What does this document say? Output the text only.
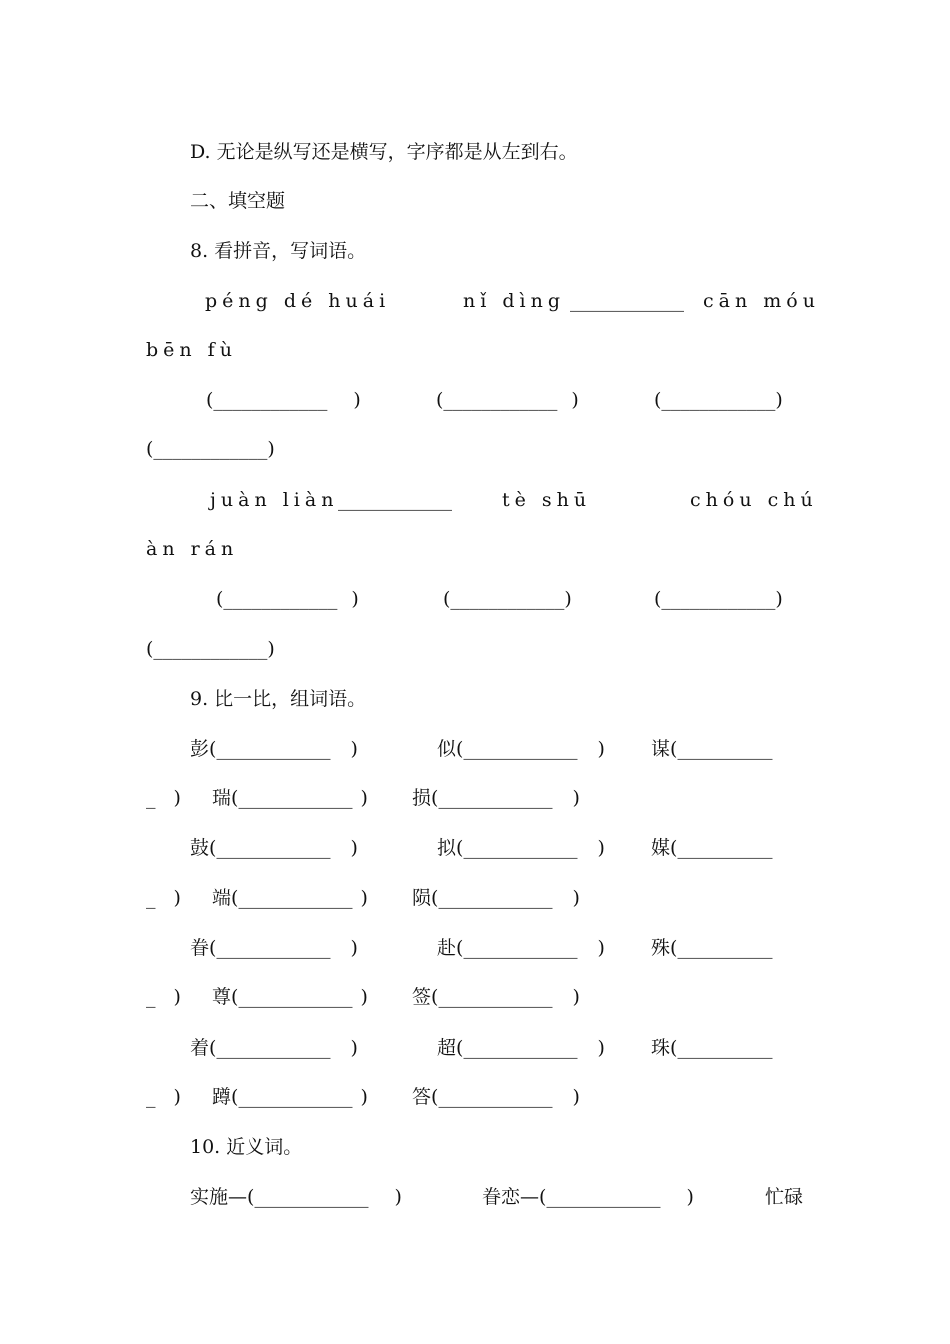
D. 无论是纵写还是横写，字序都是从左到右。
二、填空题
8. 看拼音，写词语。
péng dé huái	nǐ dìng ____________ cān móu
bēn fù
(____________ )	(____________ )	(____________)
(____________)
juàn liàn ____________	tè shū	chóu chú
àn rán
(____________ )	(____________)	(____________)
(____________)
9. 比一比，组词语。
彭(____________ )	似(____________ ) 谋(__________
_ ) 瑞(____________ ) 损(____________ )
鼓(____________ )	拟(____________ ) 媒(__________
_ ) 端(____________ ) 陨(____________ )
眷(____________ )	赴(____________ ) 殊(__________
_ ) 尊(____________ ) 签(____________ )
着(____________ )	超(____________ ) 珠(__________
_ ) 蹲(____________ ) 答(____________ )
10. 近义词。
实施—(____________ )	眷恋—(____________ )	忙碌
